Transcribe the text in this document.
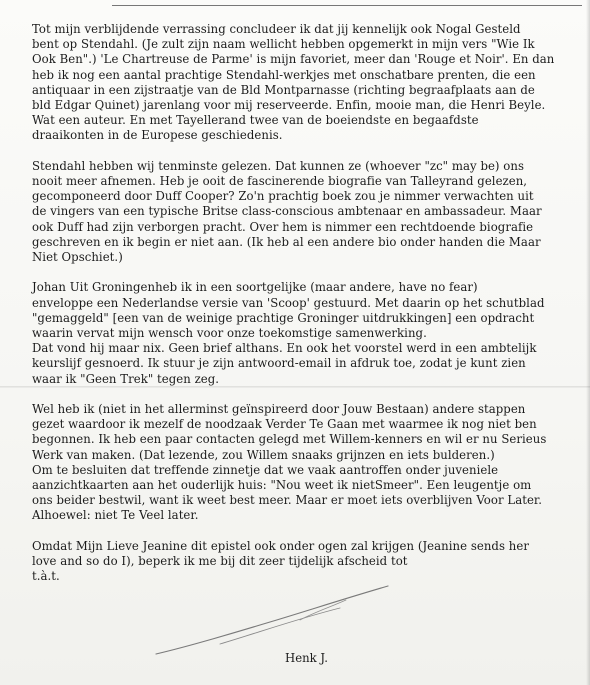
Tot mijn verblijdende verrassing concludeer ik dat jij kennelijk ook Nogal Gesteld
bent op Stendahl. (Je zult zijn naam wellicht hebben opgemerkt in mijn vers "Wie Ik
Ook Ben".) 'Le Chartreuse de Parme' is mijn favoriet, meer dan 'Rouge et Noir'. En dan
heb ik nog een aantal prachtige Stendahl-werkjes met onschatbare prenten, die een
antiquaar in een zijstraatje van de Bld Montparnasse (richting begraafplaats aan de
bld Edgar Quinet) jarenlang voor mij reserveerde. Enfin, mooie man, die Henri Beyle.
Wat een auteur. En met Tayellerand twee van de boeiendste en begaafdste
draaikonten in de Europese geschiedenis.
Stendahl hebben wij tenminste gelezen. Dat kunnen ze (whoever "zc" may be) ons
nooit meer afnemen. Heb je ooit de fascinerende biografie van Talleyrand gelezen,
gecomponeerd door Duff Cooper? Zo'n prachtig boek zou je nimmer verwachten uit
de vingers van een typische Britse class-conscious ambtenaar en ambassadeur. Maar
ook Duff had zijn verborgen pracht. Over hem is nimmer een rechtdoende biografie
geschreven en ik begin er niet aan. (Ik heb al een andere bio onder handen die Maar
Niet Opschiet.)
Johan Uit Groningenheb ik in een soortgelijke (maar andere, have no fear)
enveloppe een Nederlandse versie van 'Scoop' gestuurd. Met daarin op het schutblad
"gemaggeld" [een van de weinige prachtige Groninger uitdrukkingen] een opdracht
waarin vervat mijn wensch voor onze toekomstige samenwerking.
Dat vond hij maar nix. Geen brief althans. En ook het voorstel werd in een ambtelijk
keurslijf gesnoerd. Ik stuur je zijn antwoord-email in afdruk toe, zodat je kunt zien
waar ik "Geen Trek" tegen zeg.
Wel heb ik (niet in het allerminst geïnspireerd door Jouw Bestaan) andere stappen
gezet waardoor ik mezelf de noodzaak Verder Te Gaan met waarmee ik nog niet ben
begonnen. Ik heb een paar contacten gelegd met Willem-kenners en wil er nu Serieus
Werk van maken. (Dat lezende, zou Willem snaaks grijnzen en iets bulderen.)
Om te besluiten dat treffende zinnetje dat we vaak aantroffen onder juveniele
aanzichtkaarten aan het ouderlijk huis: "Nou weet ik nietSmeer". Een leugentje om
ons beider bestwil, want ik weet best meer. Maar er moet iets overblijven Voor Later.
Alhoewel: niet Te Veel later.
Omdat Mijn Lieve Jeanine dit epistel ook onder ogen zal krijgen (Jeanine sends her
love and so do I), beperk ik me bij dit zeer tijdelijk afscheid tot
t.à.t.
Henk J.
